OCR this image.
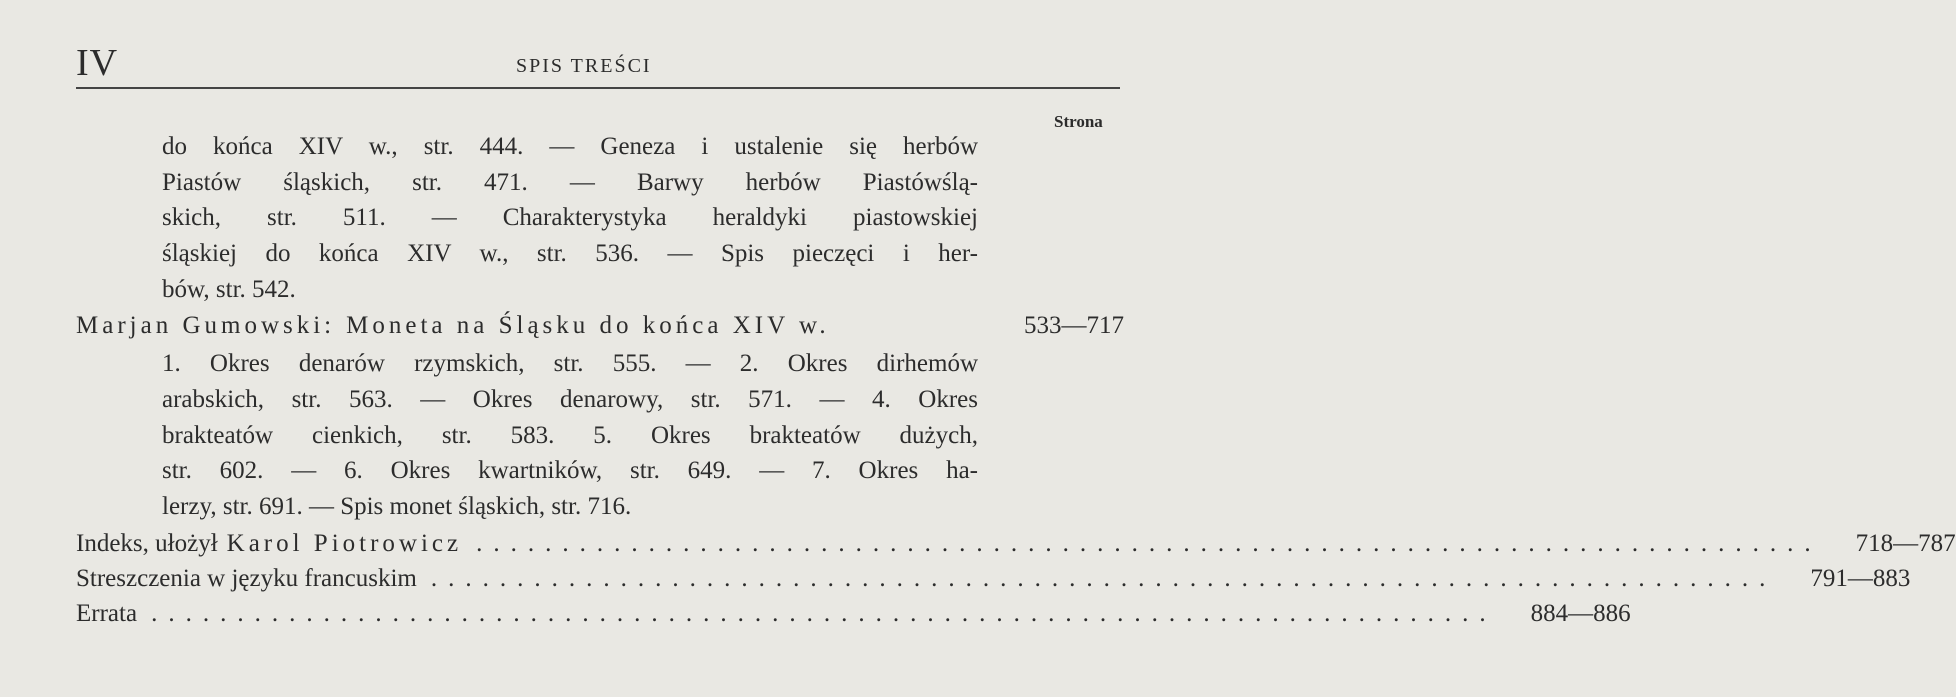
IV	SPIS TREŚCI
Strona
do końca XIV w., str. 444. — Geneza i ustalenie się herbów
Piastów śląskich, str. 471. — Barwy herbów Piastówślą-
skich, str. 511. — Charakterystyka heraldyki piastowskiej
śląskiej do końca XIV w., str. 536. — Spis pieczęci i her-
bów, str. 542.
Marjan Gumowski: Moneta na Śląsku do końca XIV w.	533—717
1. Okres denarów rzymskich, str. 555. — 2. Okres dirhemów
arabskich, str. 563. — Okres denarowy, str. 571. — 4. Okres
brakteatów cienkich, str. 583. 5. Okres brakteatów dużych,
str. 602. — 6. Okres kwartników, str. 649. — 7. Okres ha-
lerzy, str. 691. — Spis monet śląskich, str. 716.
Indeks, ułożył Karol Piotrowicz ..............................................................................	718—787
Streszczenia w języku francuskim ..............................................................................	791—883
Errata ..............................................................................	884—886
